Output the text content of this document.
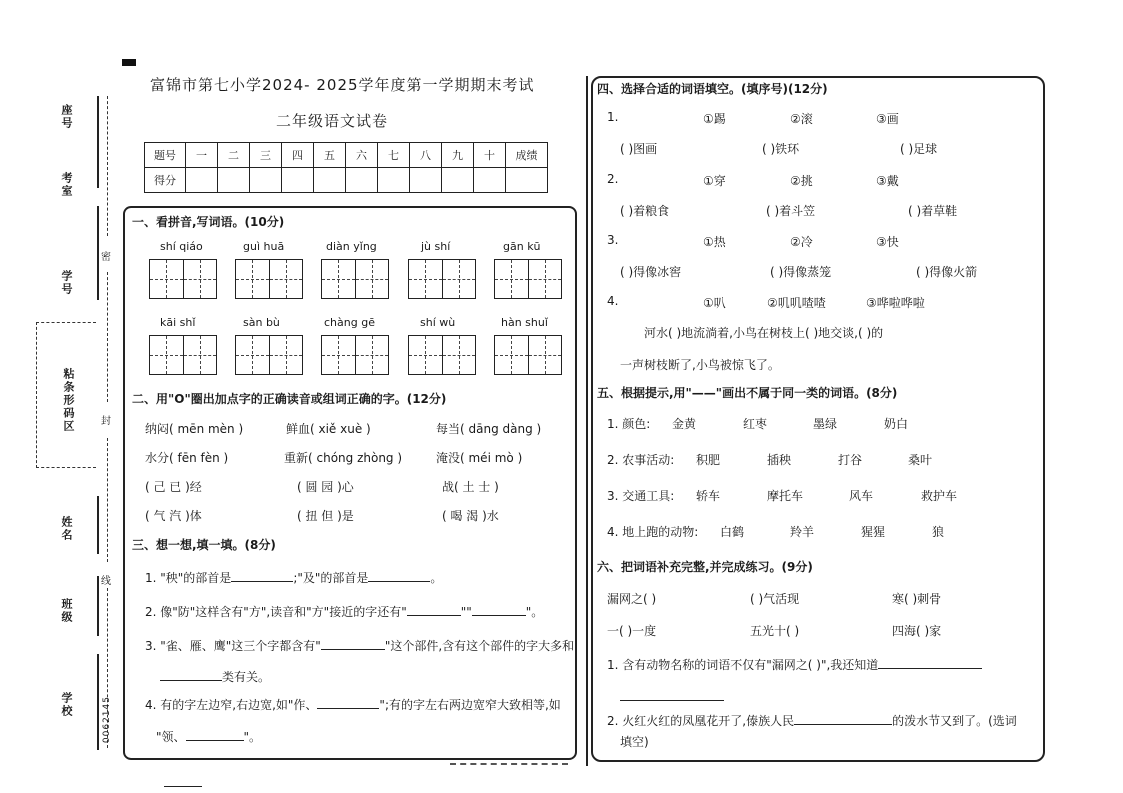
座号
考室
学号
粘条形码区
姓名
班级
学校
密
封
线
0062145
富锦市第七小学2024- 2025学年度第一学期期末考试
二年级语文试卷
题号	一	二	三	四	五	六	七	八	九	十	成绩
得分											
一、看拼音,写词语。(10分)
shí qiáo	guì huā	diàn yǐng	jù shí	gān kū
kāi shǐ	sàn bù	chàng gē	shí wù	hàn shuǐ
二、用"O"圈出加点字的正确读音或组词正确的字。(12分)
纳闷( mēn mèn )	鲜血( xiě xuè )	每当( dāng dàng )
水分( fēn fèn )	重新( chóng zhòng )	淹没( méi mò )
( 己 已 )经	( 圆 园 )心	战( 土 士 )
( 气 汽 )体	( 扭 但 )是	( 喝 渴 )水
三、想一想,填一填。(8分)
1. "秧"的部首是	;"及"的部首是	。
2. 像"防"这样含有"方",读音和"方"接近的字还有"	""	"。
3. "雀、雁、鹰"这三个字都含有"	"这个部件,含有这个部件的字大多和
类有关。
4. 有的字左边窄,右边宽,如"作、	";有的字左右两边宽窄大致相等,如
"领、	"。
四、选择合适的词语填空。(填序号)(12分)
1.	①踢	②滚	③画
( )图画	( )铁环	( )足球
2.	①穿	②挑	③戴
( )着粮食	( )着斗笠	( )着草鞋
3.	①热	②冷	③快
( )得像冰窖	( )得像蒸笼	( )得像火箭
4.	①叭	②叽叽喳喳	③哗啦哗啦
河水( )地流淌着,小鸟在树枝上( )地交谈,( )的
一声树枝断了,小鸟被惊飞了。
五、根据提示,用"——"画出不属于同一类的词语。(8分)
1. 颜色: 金黄	红枣	墨绿	奶白
2. 农事活动: 积肥	插秧	打谷	桑叶
3. 交通工具: 轿车	摩托车	风车	救护车
4. 地上跑的动物: 白鹤	羚羊	猩猩	狼
六、把词语补充完整,并完成练习。(9分)
漏网之( )	( )气活现	寒( )刺骨
一( )一度	五光十( )	四海( )家
1. 含有动物名称的词语不仅有"漏网之( )",我还知道
2. 火红火红的凤凰花开了,傣族人民	的泼水节又到了。(选词
填空)
